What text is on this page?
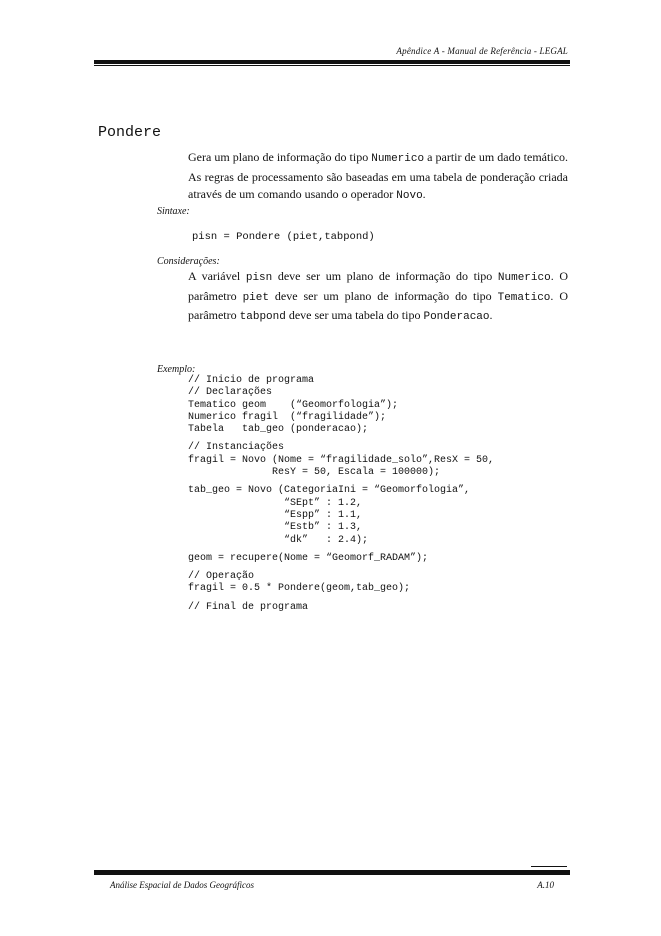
Apêndice A - Manual de Referência - LEGAL
Pondere
Gera um plano de informação do tipo Numerico a partir de um dado temático. As regras de processamento são baseadas em uma tabela de ponderação criada através de um comando usando o operador Novo.
Sintaxe:
pisn = Pondere (piet,tabpond)
Considerações:
A variável pisn deve ser um plano de informação do tipo Numerico. O parâmetro piet deve ser um plano de informação do tipo Tematico. O parâmetro tabpond deve ser uma tabela do tipo Ponderacao.
Exemplo:
// Inicio de programa
// Declarações
Tematico geom    (“Geomorfologia”);
Numerico fragil  (“fragilidade”);
Tabela   tab_geo (ponderacao);

// Instanciações
fragil = Novo (Nome = “fragilidade_solo”,ResX = 50,
ResY = 50, Escala = 100000);

tab_geo = Novo (CategoriaIni = “Geomorfologia”,
“SEpt” : 1.2,
“Espp” : 1.1,
“Estb” : 1.3,
“dk”   : 2.4);

geom = recupere(Nome = “Geomorf_RADAM”);

// Operação
fragil = 0.5 * Pondere(geom,tab_geo);

// Final de programa
Análise Espacial de Dados Geográficos	A.10
